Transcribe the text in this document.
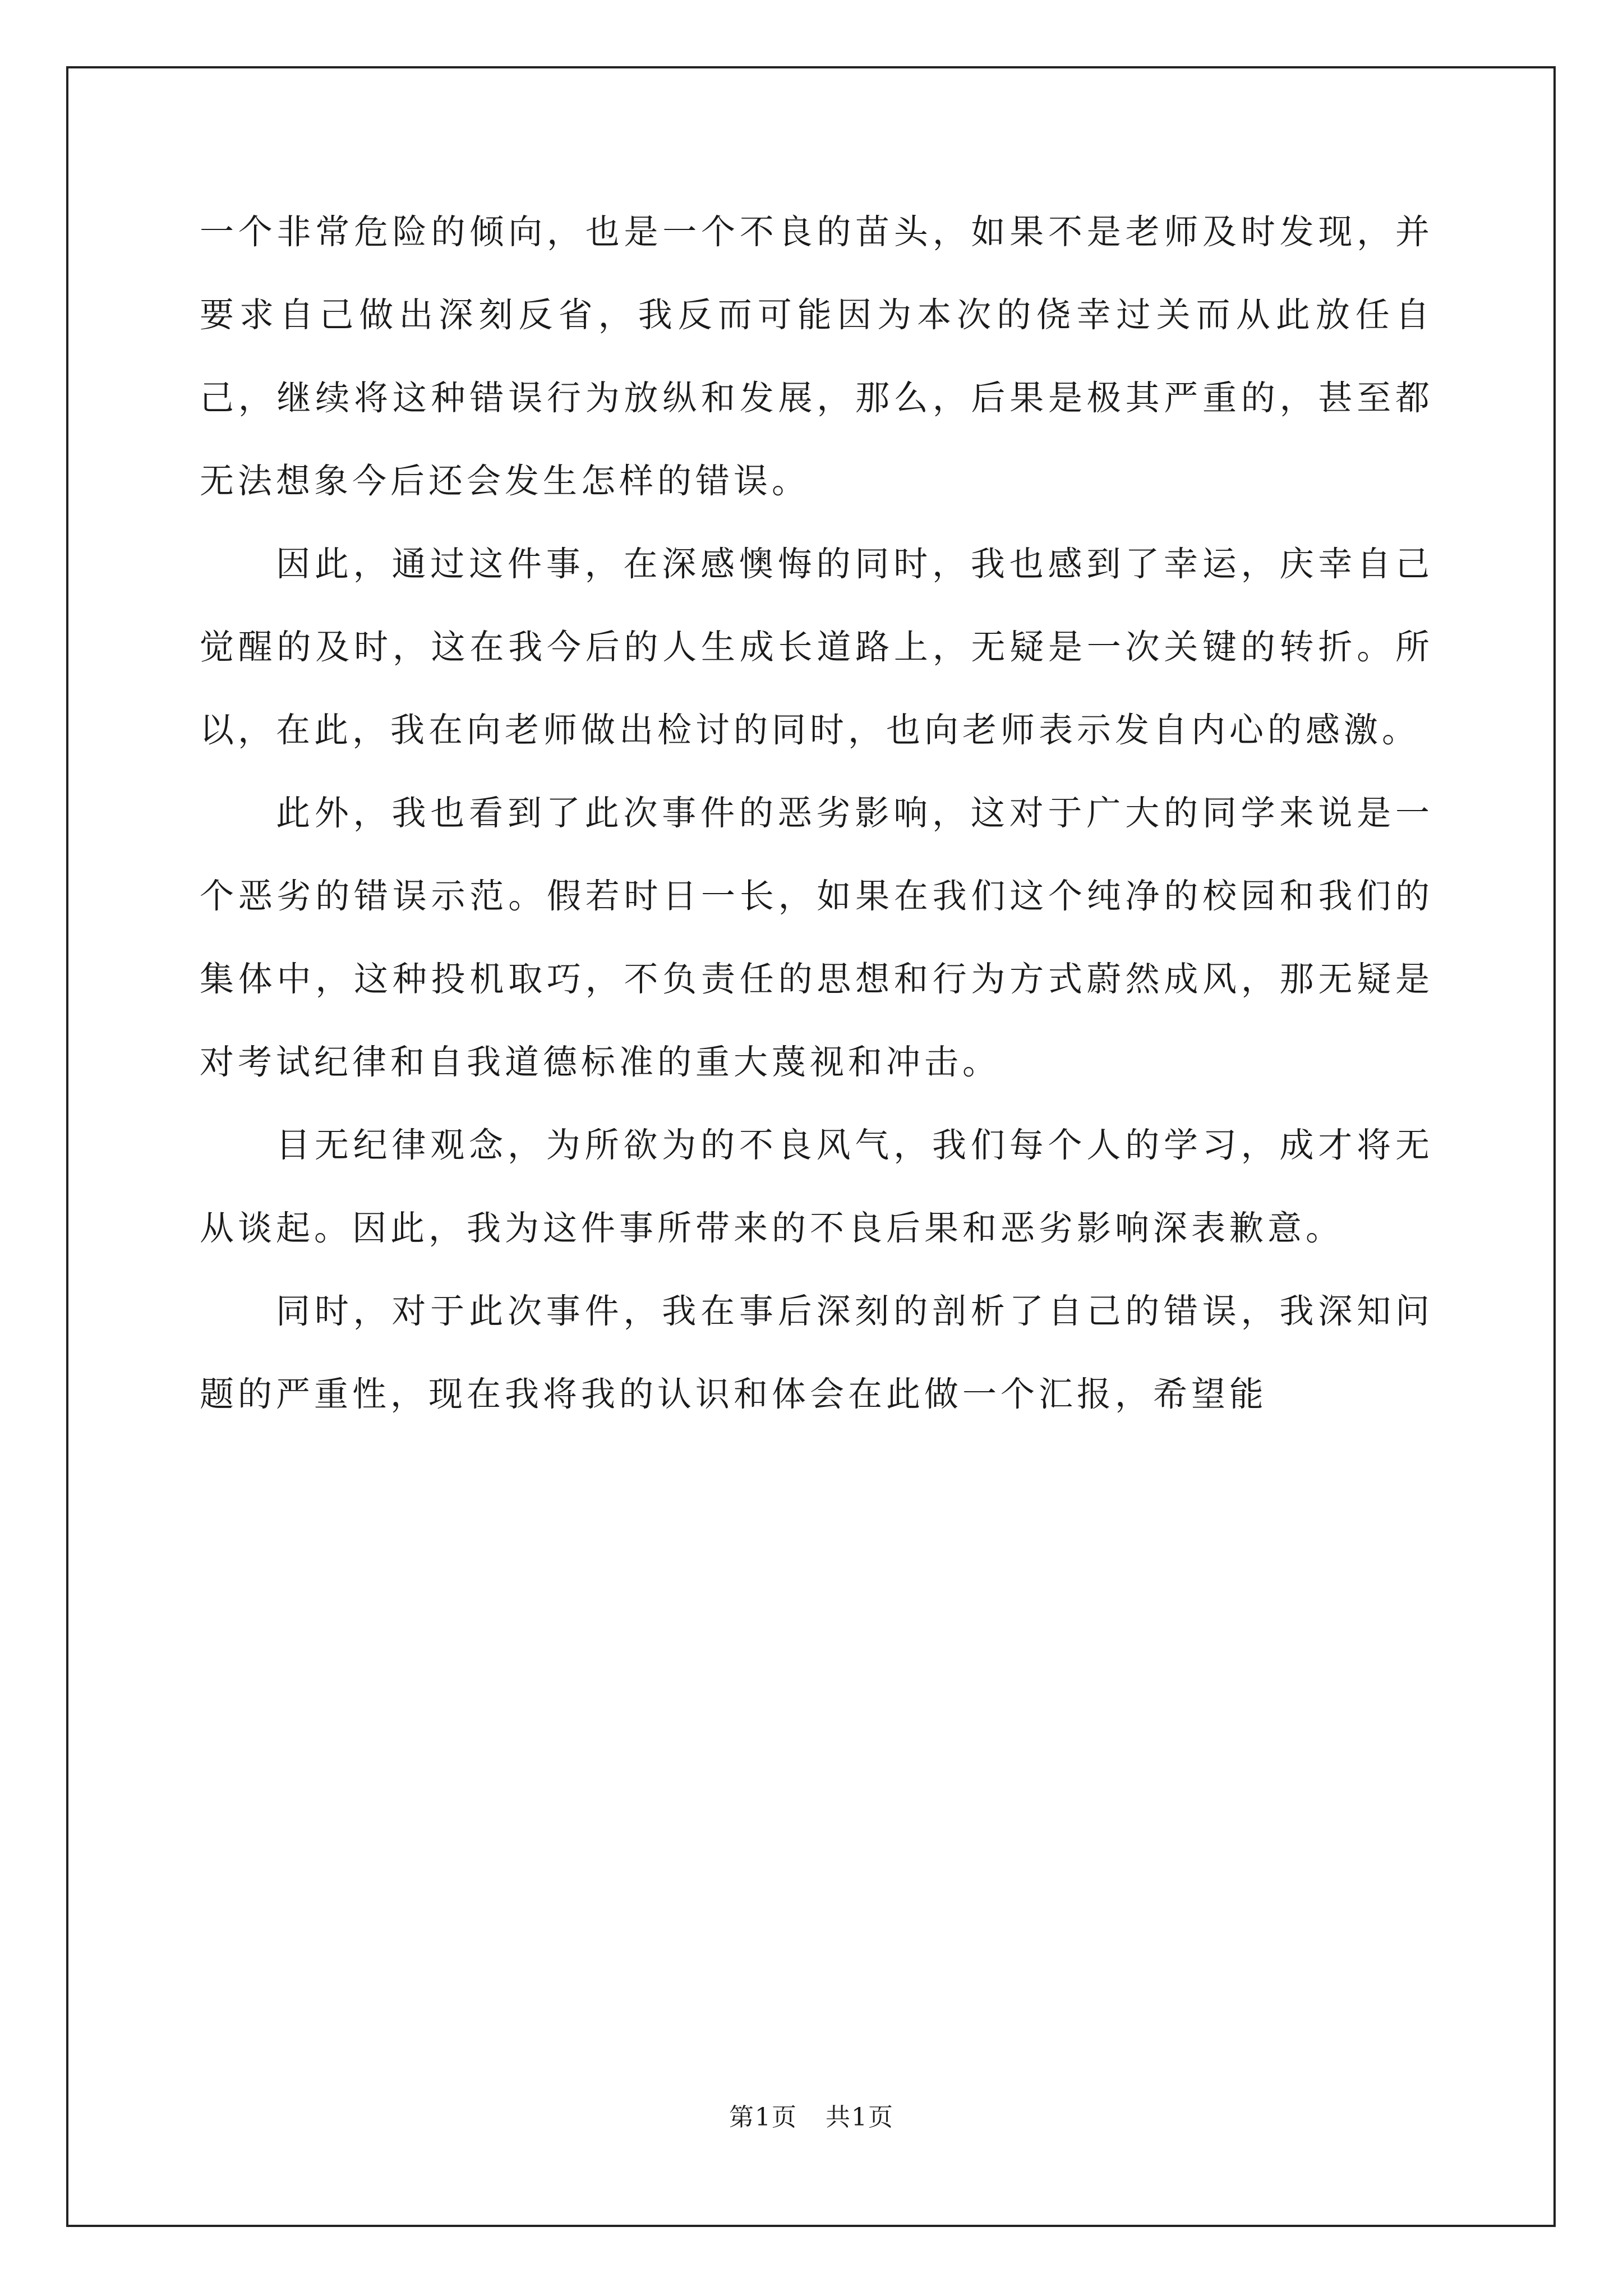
一个非常危险的倾向，也是一个不良的苗头，如果不是老师及时发现，并要求自己做出深刻反省，我反而可能因为本次的侥幸过关而从此放任自己，继续将这种错误行为放纵和发展，那么，后果是极其严重的，甚至都无法想象今后还会发生怎样的错误。

因此，通过这件事，在深感懊悔的同时，我也感到了幸运，庆幸自己觉醒的及时，这在我今后的人生成长道路上，无疑是一次关键的转折。所以，在此，我在向老师做出检讨的同时，也向老师表示发自内心的感激。

此外，我也看到了此次事件的恶劣影响，这对于广大的同学来说是一个恶劣的错误示范。假若时日一长，如果在我们这个纯净的校园和我们的集体中，这种投机取巧，不负责任的思想和行为方式蔚然成风，那无疑是对考试纪律和自我道德标准的重大蔑视和冲击。

目无纪律观念，为所欲为的不良风气，我们每个人的学习，成才将无从谈起。因此，我为这件事所带来的不良后果和恶劣影响深表歉意。

同时，对于此次事件，我在事后深刻的剖析了自己的错误，我深知问题的严重性，现在我将我的认识和体会在此做一个汇报，希望能

第1页 共1页
